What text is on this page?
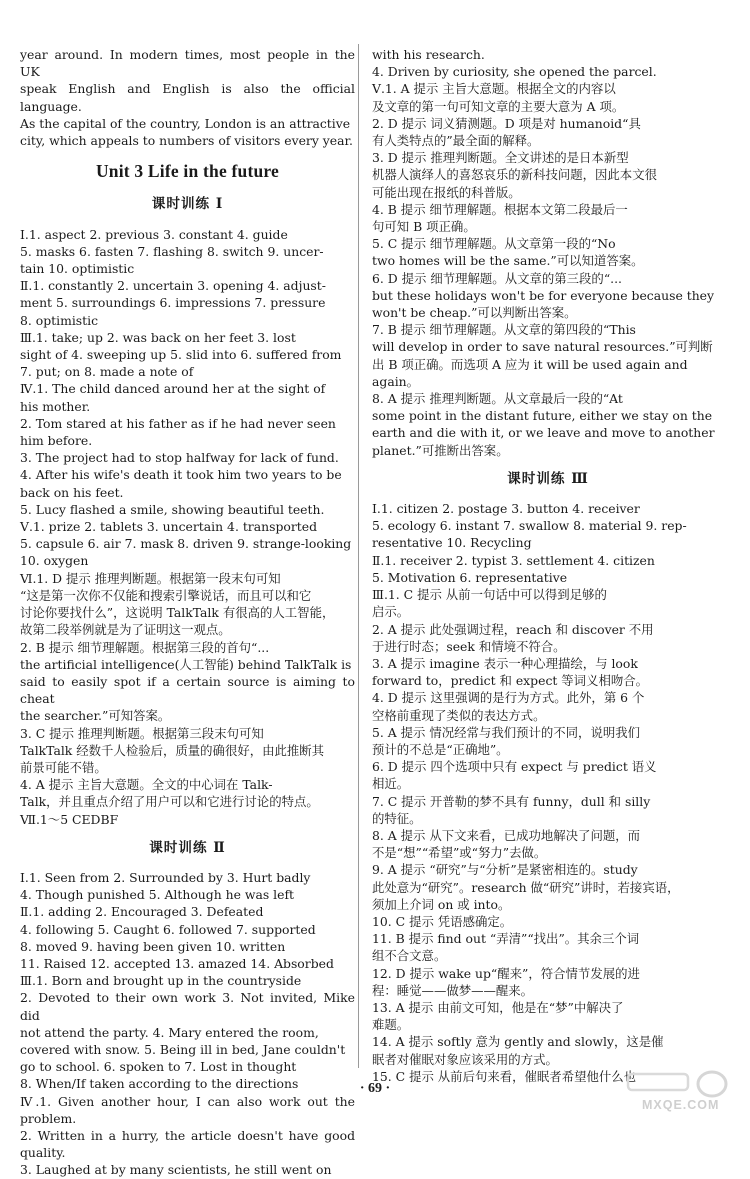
year around. In modern times, most people in the UK
speak English and English is also the official language.
As the capital of the country, London is an attractive
city, which appeals to numbers of visitors every year.
Unit 3 Life in the future
课时训练 Ⅰ
Ⅰ.1. aspect 2. previous 3. constant 4. guide
5. masks 6. fasten 7. flashing 8. switch 9. uncer-
tain 10. optimistic
Ⅱ.1. constantly 2. uncertain 3. opening 4. adjust-
ment 5. surroundings 6. impressions 7. pressure
8. optimistic
Ⅲ.1. take; up 2. was back on her feet 3. lost
sight of 4. sweeping up 5. slid into 6. suffered from
7. put; on 8. made a note of
Ⅳ.1. The child danced around her at the sight of
his mother.
2. Tom stared at his father as if he had never seen
him before.
3. The project had to stop halfway for lack of fund.
4. After his wife's death it took him two years to be
back on his feet.
5. Lucy flashed a smile, showing beautiful teeth.
Ⅴ.1. prize 2. tablets 3. uncertain 4. transported
5. capsule 6. air 7. mask 8. driven 9. strange-looking
10. oxygen
Ⅵ.1. D 提示 推理判断题。根据第一段末句可知
“这是第一次你不仅能和搜索引擎说话，而且可以和它
讨论你要找什么”，这说明 TalkTalk 有很高的人工智能，
故第二段举例就是为了证明这一观点。
2. B 提示 细节理解题。根据第三段的首句“...
the artificial intelligence(人工智能) behind TalkTalk is
said to easily spot if a certain source is aiming to cheat
the searcher.”可知答案。
3. C 提示 推理判断题。根据第三段末句可知
TalkTalk 经数千人检验后，质量的确很好，由此推断其
前景可能不错。
4. A 提示 主旨大意题。全文的中心词在 Talk-
Talk，并且重点介绍了用户可以和它进行讨论的特点。
Ⅶ.1～5 CEDBF
课时训练 Ⅱ
Ⅰ.1. Seen from 2. Surrounded by 3. Hurt badly
4. Though punished 5. Although he was left
Ⅱ.1. adding 2. Encouraged 3. Defeated
4. following 5. Caught 6. followed 7. supported
8. moved 9. having been given 10. written
11. Raised 12. accepted 13. amazed 14. Absorbed
Ⅲ.1. Born and brought up in the countryside
2. Devoted to their own work 3. Not invited, Mike did
not attend the party. 4. Mary entered the room,
covered with snow. 5. Being ill in bed, Jane couldn't
go to school. 6. spoken to 7. Lost in thought
8. When/If taken according to the directions
Ⅳ.1. Given another hour, I can also work out the problem.
2. Written in a hurry, the article doesn't have good quality.
3. Laughed at by many scientists, he still went on
with his research.
4. Driven by curiosity, she opened the parcel.
Ⅴ.1. A 提示 主旨大意题。根据全文的内容以
及文章的第一句可知文章的主要大意为 A 项。
2. D 提示 词义猜测题。D 项是对 humanoid“具
有人类特点的”最全面的解释。
3. D 提示 推理判断题。全文讲述的是日本新型
机器人演绎人的喜怒哀乐的新科技问题，因此本文很
可能出现在报纸的科普版。
4. B 提示 细节理解题。根据本文第二段最后一
句可知 B 项正确。
5. C 提示 细节理解题。从文章第一段的“No
two homes will be the same.”可以知道答案。
6. D 提示 细节理解题。从文章的第三段的“...
but these holidays won't be for everyone because they
won't be cheap.”可以判断出答案。
7. B 提示 细节理解题。从文章的第四段的“This
will develop in order to save natural resources.”可判断
出 B 项正确。而选项 A 应为 it will be used again and
again。
8. A 提示 推理判断题。从文章最后一段的“At
some point in the distant future, either we stay on the
earth and die with it, or we leave and move to another
planet.”可推断出答案。
课时训练 Ⅲ
Ⅰ.1. citizen 2. postage 3. button 4. receiver
5. ecology 6. instant 7. swallow 8. material 9. rep-
resentative 10. Recycling
Ⅱ.1. receiver 2. typist 3. settlement 4. citizen
5. Motivation 6. representative
Ⅲ.1. C 提示 从前一句话中可以得到足够的
启示。
2. A 提示 此处强调过程，reach 和 discover 不用
于进行时态；seek 和情境不符合。
3. A 提示 imagine 表示一种心理描绘，与 look
forward to，predict 和 expect 等词义相吻合。
4. D 提示 这里强调的是行为方式。此外，第 6 个
空格前重现了类似的表达方式。
5. A 提示 情况经常与我们预计的不同，说明我们
预计的不总是“正确地”。
6. D 提示 四个选项中只有 expect 与 predict 语义
相近。
7. C 提示 开普勒的梦不具有 funny，dull 和 silly
的特征。
8. A 提示 从下文来看，已成功地解决了问题，而
不是“想”“希望”或“努力”去做。
9. A 提示 “研究”与“分析”是紧密相连的。study
此处意为“研究”。research 做“研究”讲时，若接宾语，
须加上介词 on 或 into。
10. C 提示 凭语感确定。
11. B 提示 find out “弄清”“找出”。其余三个词
组不合文意。
12. D 提示 wake up“醒来”，符合情节发展的进
程：睡觉——做梦——醒来。
13. A 提示 由前文可知，他是在“梦”中解决了
难题。
14. A 提示 softly 意为 gently and slowly，这是催
眠者对催眠对象应该采用的方式。
15. C 提示 从前后句来看，催眠者希望他什么也
· 69 ·
MXQE.COM
